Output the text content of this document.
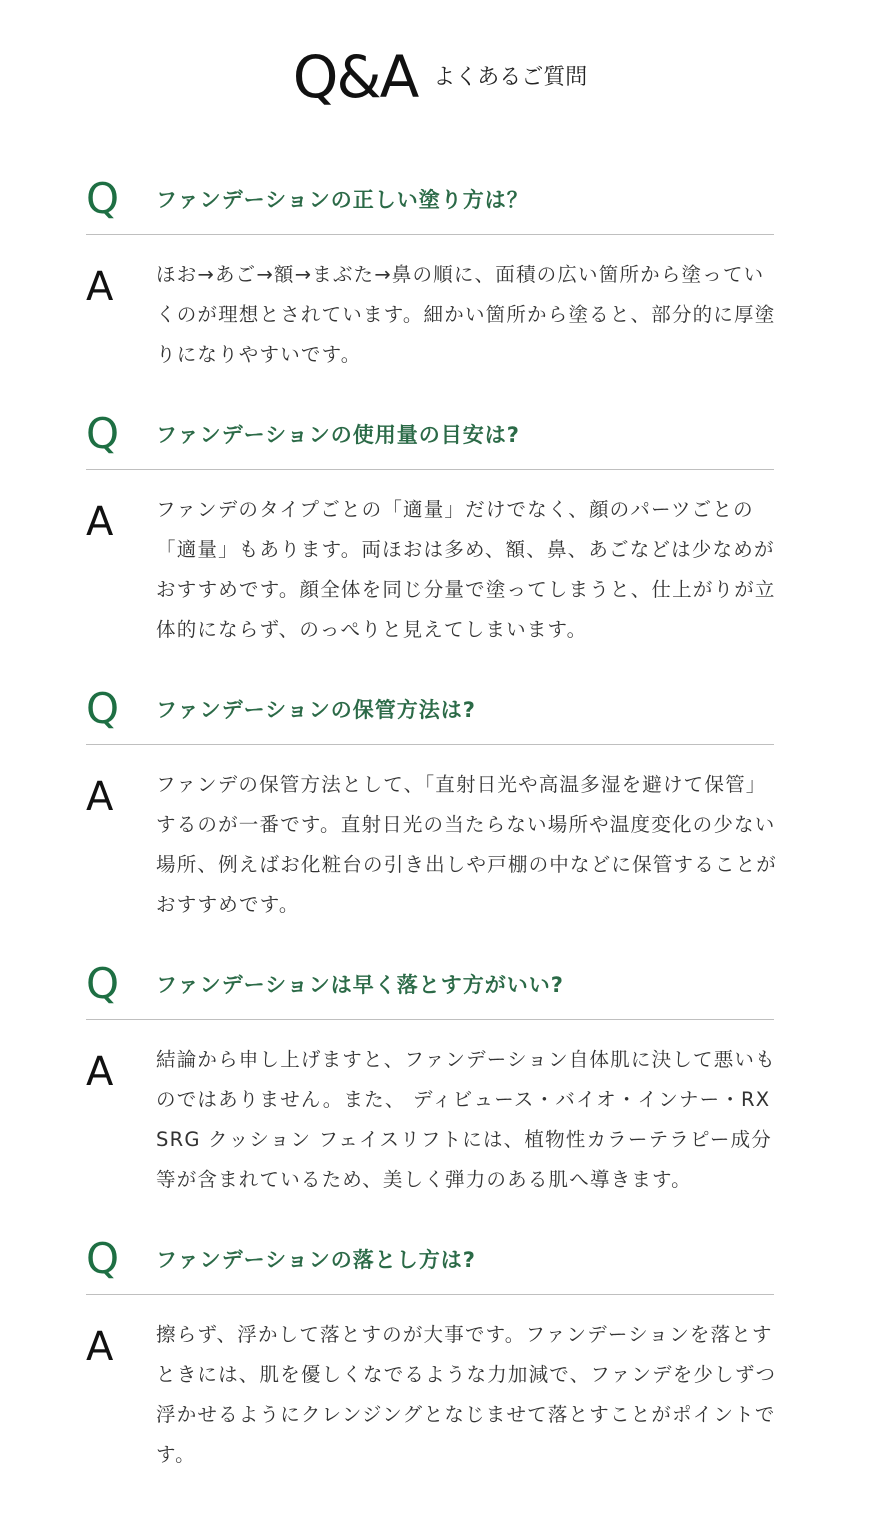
Q&A よくあるご質問
Q	ファンデーションの正しい塗り方は？
A	ほお→あご→額→まぶた→鼻の順に、面積の広い箇所から塗っていくのが理想とされています。細かい箇所から塗ると、部分的に厚塗りになりやすいです。
Q	ファンデーションの使用量の目安は?
A	ファンデのタイプごとの「適量」だけでなく、顔のパーツごとの「適量」もあります。両ほおは多め、額、鼻、あごなどは少なめがおすすめです。顔全体を同じ分量で塗ってしまうと、仕上がりが立体的にならず、のっぺりと見えてしまいます。
Q	ファンデーションの保管方法は?
A	ファンデの保管方法として、「直射日光や高温多湿を避けて保管」するのが一番です。直射日光の当たらない場所や温度変化の少ない場所、例えばお化粧台の引き出しや戸棚の中などに保管することがおすすめです。
Q	ファンデーションは早く落とす方がいい?
A	結論から申し上げますと、ファンデーション自体肌に決して悪いものではありません。また、 ディビュース・バイオ・インナー・RX SRG クッション フェイスリフトには、植物性カラーテラピー成分等が含まれているため、美しく弾力のある肌へ導きます。
Q	ファンデーションの落とし方は?
A	擦らず、浮かして落とすのが大事です。ファンデーションを落とすときには、肌を優しくなでるような力加減で、ファンデを少しずつ浮かせるようにクレンジングとなじませて落とすことがポイントです。
